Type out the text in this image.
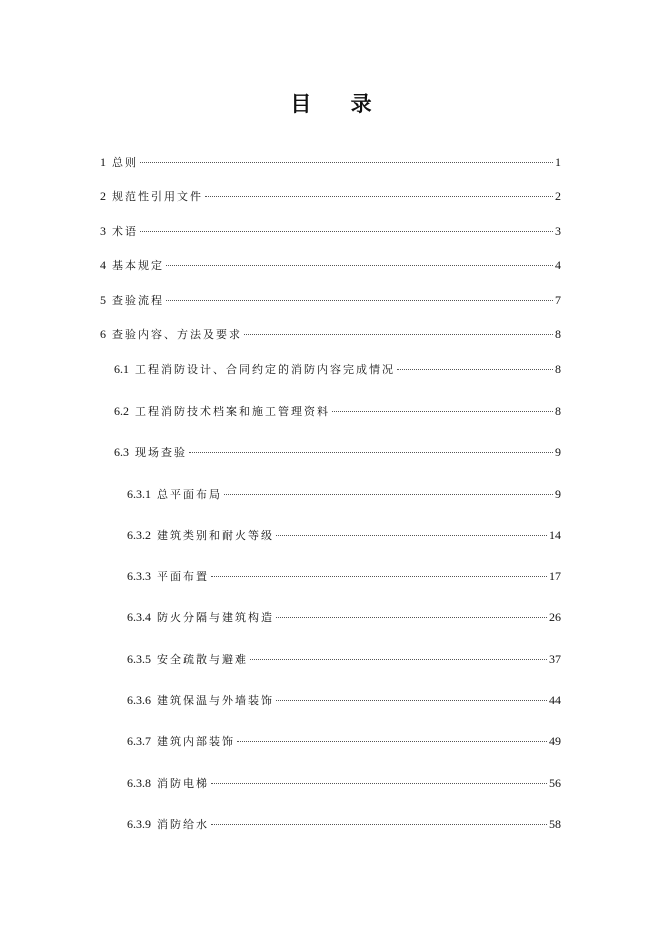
目 录
1 总则	1
2 规范性引用文件	2
3 术语	3
4 基本规定	4
5 查验流程	7
6 查验内容、方法及要求	8
6.1 工程消防设计、合同约定的消防内容完成情况	8
6.2 工程消防技术档案和施工管理资料	8
6.3 现场查验	9
6.3.1 总平面布局	9
6.3.2 建筑类别和耐火等级	14
6.3.3 平面布置	17
6.3.4 防火分隔与建筑构造	26
6.3.5 安全疏散与避难	37
6.3.6 建筑保温与外墙装饰	44
6.3.7 建筑内部装饰	49
6.3.8 消防电梯	56
6.3.9 消防给水	58
